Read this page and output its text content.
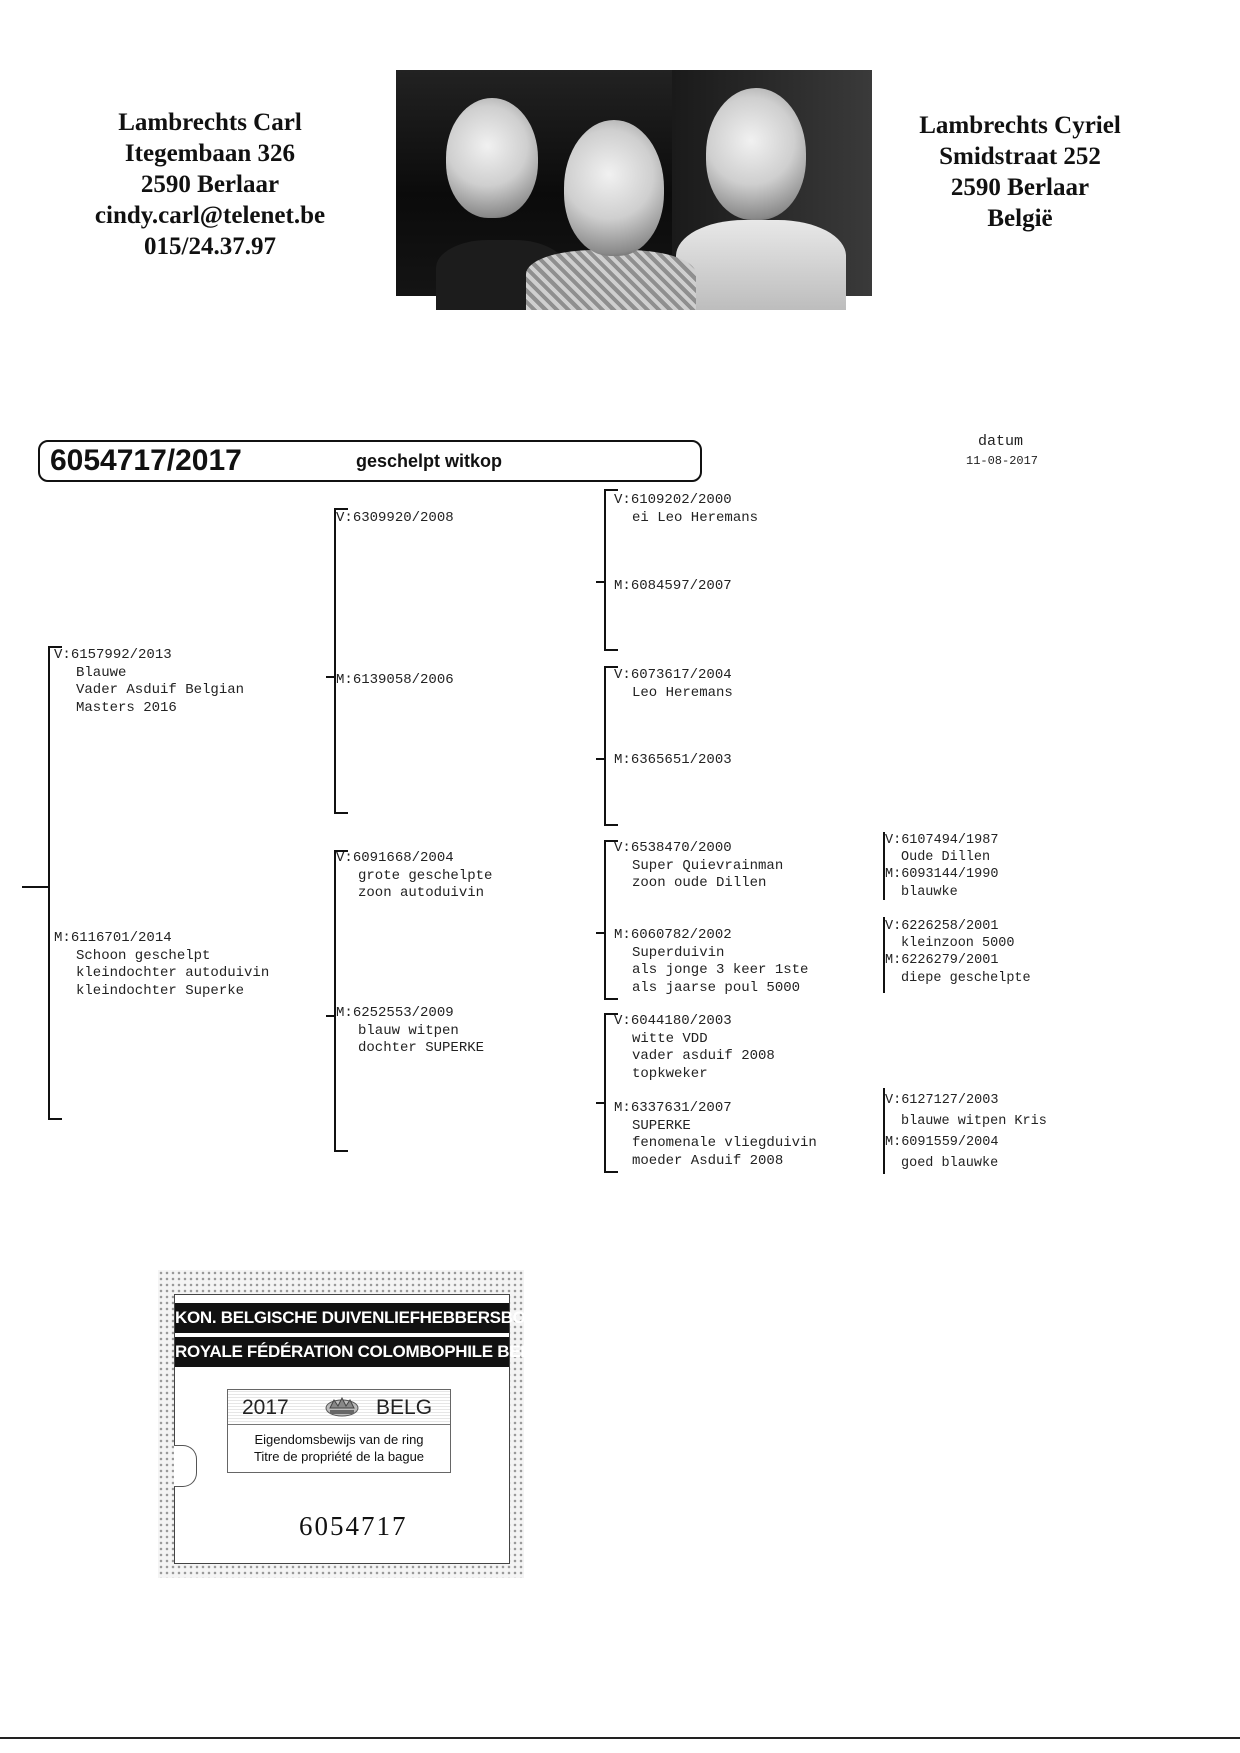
Lambrechts Carl
Itegembaan 326
2590 Berlaar
cindy.carl@telenet.be
015/24.37.97
Lambrechts Cyriel
Smidstraat 252
2590 Berlaar
België
6054717/2017	geschelpt witkop
datum
11-08-2017
V:6157992/2013
Blauwe
Vader Asduif Belgian
Masters 2016
M:6116701/2014
Schoon geschelpt
kleindochter autoduivin
kleindochter Superke
V:6309920/2008
M:6139058/2006
V:6091668/2004
grote geschelpte
zoon autoduivin
M:6252553/2009
blauw witpen
dochter SUPERKE
V:6109202/2000
ei Leo Heremans
M:6084597/2007
V:6073617/2004
Leo Heremans
M:6365651/2003
V:6538470/2000
Super Quievrainman
zoon oude Dillen
M:6060782/2002
Superduivin
als jonge 3 keer 1ste
als jaarse poul 5000
V:6044180/2003
witte VDD
vader asduif 2008
topkweker
M:6337631/2007
SUPERKE
fenomenale vliegduivin
moeder Asduif 2008
V:6107494/1987
Oude Dillen
M:6093144/1990
blauwke
V:6226258/2001
kleinzoon 5000
M:6226279/2001
diepe geschelpte
V:6127127/2003
blauwe witpen Kris
M:6091559/2004
goed blauwke
KON. BELGISCHE DUIVENLIEFHEBBERSBOND
ROYALE FÉDÉRATION COLOMBOPHILE BELGE
2017	BELG
Eigendomsbewijs van de ring
Titre de propriété de la bague
6054717
